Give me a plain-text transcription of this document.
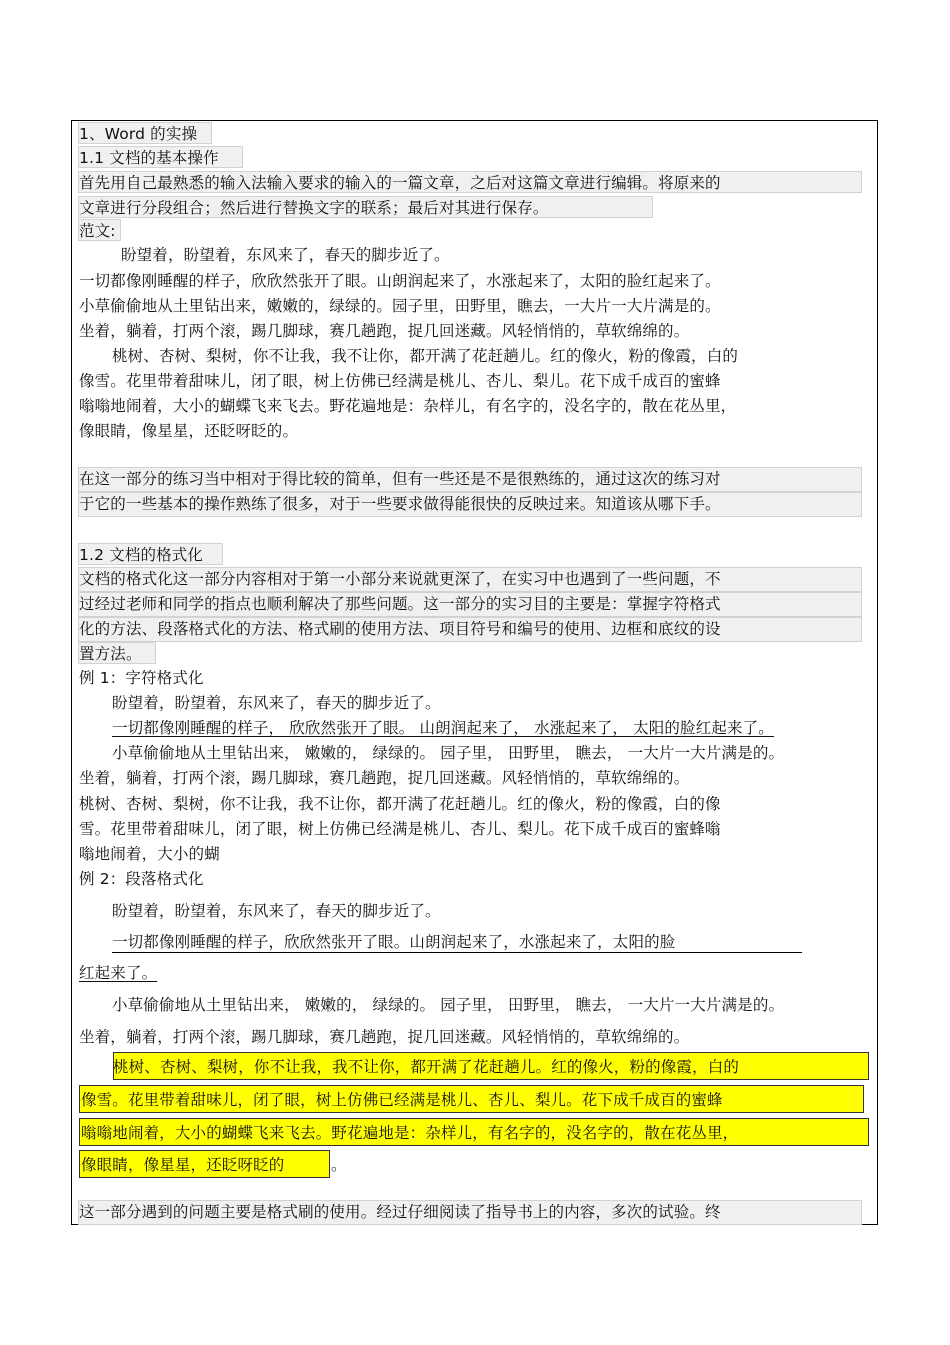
1、Word 的实操
1.1 文档的基本操作
首先用自己最熟悉的输入法输入要求的输入的一篇文章，之后对这篇文章进行编辑。将原来的
文章进行分段组合；然后进行替换文字的联系；最后对其进行保存。
范文:
盼望着，盼望着，东风来了，春天的脚步近了。
一切都像刚睡醒的样子，欣欣然张开了眼。山朗润起来了，水涨起来了，太阳的脸红起来了。
小草偷偷地从土里钻出来，嫩嫩的，绿绿的。园子里，田野里，瞧去，一大片一大片满是的。
坐着，躺着，打两个滚，踢几脚球，赛几趟跑，捉几回迷藏。风轻悄悄的，草软绵绵的。
桃树、杏树、梨树，你不让我，我不让你，都开满了花赶趟儿。红的像火，粉的像霞，白的
像雪。花里带着甜味儿，闭了眼，树上仿佛已经满是桃儿、杏儿、梨儿。花下成千成百的蜜蜂
嗡嗡地闹着，大小的蝴蝶飞来飞去。野花遍地是：杂样儿，有名字的，没名字的，散在花丛里，
像眼睛，像星星，还眨呀眨的。
在这一部分的练习当中相对于得比较的简单，但有一些还是不是很熟练的，通过这次的练习对
于它的一些基本的操作熟练了很多，对于一些要求做得能很快的反映过来。知道该从哪下手。
1.2 文档的格式化
文档的格式化这一部分内容相对于第一小部分来说就更深了，在实习中也遇到了一些问题，不
过经过老师和同学的指点也顺利解决了那些问题。这一部分的实习目的主要是：掌握字符格式
化的方法、段落格式化的方法、格式刷的使用方法、项目符号和编号的使用、边框和底纹的设
置方法。
例 1：字符格式化
盼望着，盼望着，东风来了，春天的脚步近了。
一切都像刚睡醒的样子， 欣欣然张开了眼。 山朗润起来了， 水涨起来了， 太阳的脸红起来了。
小草偷偷地从土里钻出来， 嫩嫩的， 绿绿的。 园子里， 田野里， 瞧去， 一大片一大片满是的。
坐着，躺着，打两个滚，踢几脚球，赛几趟跑，捉几回迷藏。风轻悄悄的，草软绵绵的。
桃树、杏树、梨树，你不让我，我不让你，都开满了花赶趟儿。红的像火，粉的像霞，白的像
雪。花里带着甜味儿，闭了眼，树上仿佛已经满是桃儿、杏儿、梨儿。花下成千成百的蜜蜂嗡
嗡地闹着，大小的蝴
例 2：段落格式化
盼望着，盼望着，东风来了，春天的脚步近了。
一切都像刚睡醒的样子，欣欣然张开了眼。山朗润起来了，水涨起来了，太阳的脸
红起来了。
小草偷偷地从土里钻出来， 嫩嫩的， 绿绿的。 园子里， 田野里， 瞧去， 一大片一大片满是的。
坐着，躺着，打两个滚，踢几脚球，赛几趟跑，捉几回迷藏。风轻悄悄的，草软绵绵的。
桃树、杏树、梨树，你不让我，我不让你，都开满了花赶趟儿。红的像火，粉的像霞，白的
像雪。花里带着甜味儿，闭了眼，树上仿佛已经满是桃儿、杏儿、梨儿。花下成千成百的蜜蜂
嗡嗡地闹着，大小的蝴蝶飞来飞去。野花遍地是：杂样儿，有名字的，没名字的，散在花丛里，
像眼睛，像星星，还眨呀眨的	。
这一部分遇到的问题主要是格式刷的使用。经过仔细阅读了指导书上的内容，多次的试验。终
